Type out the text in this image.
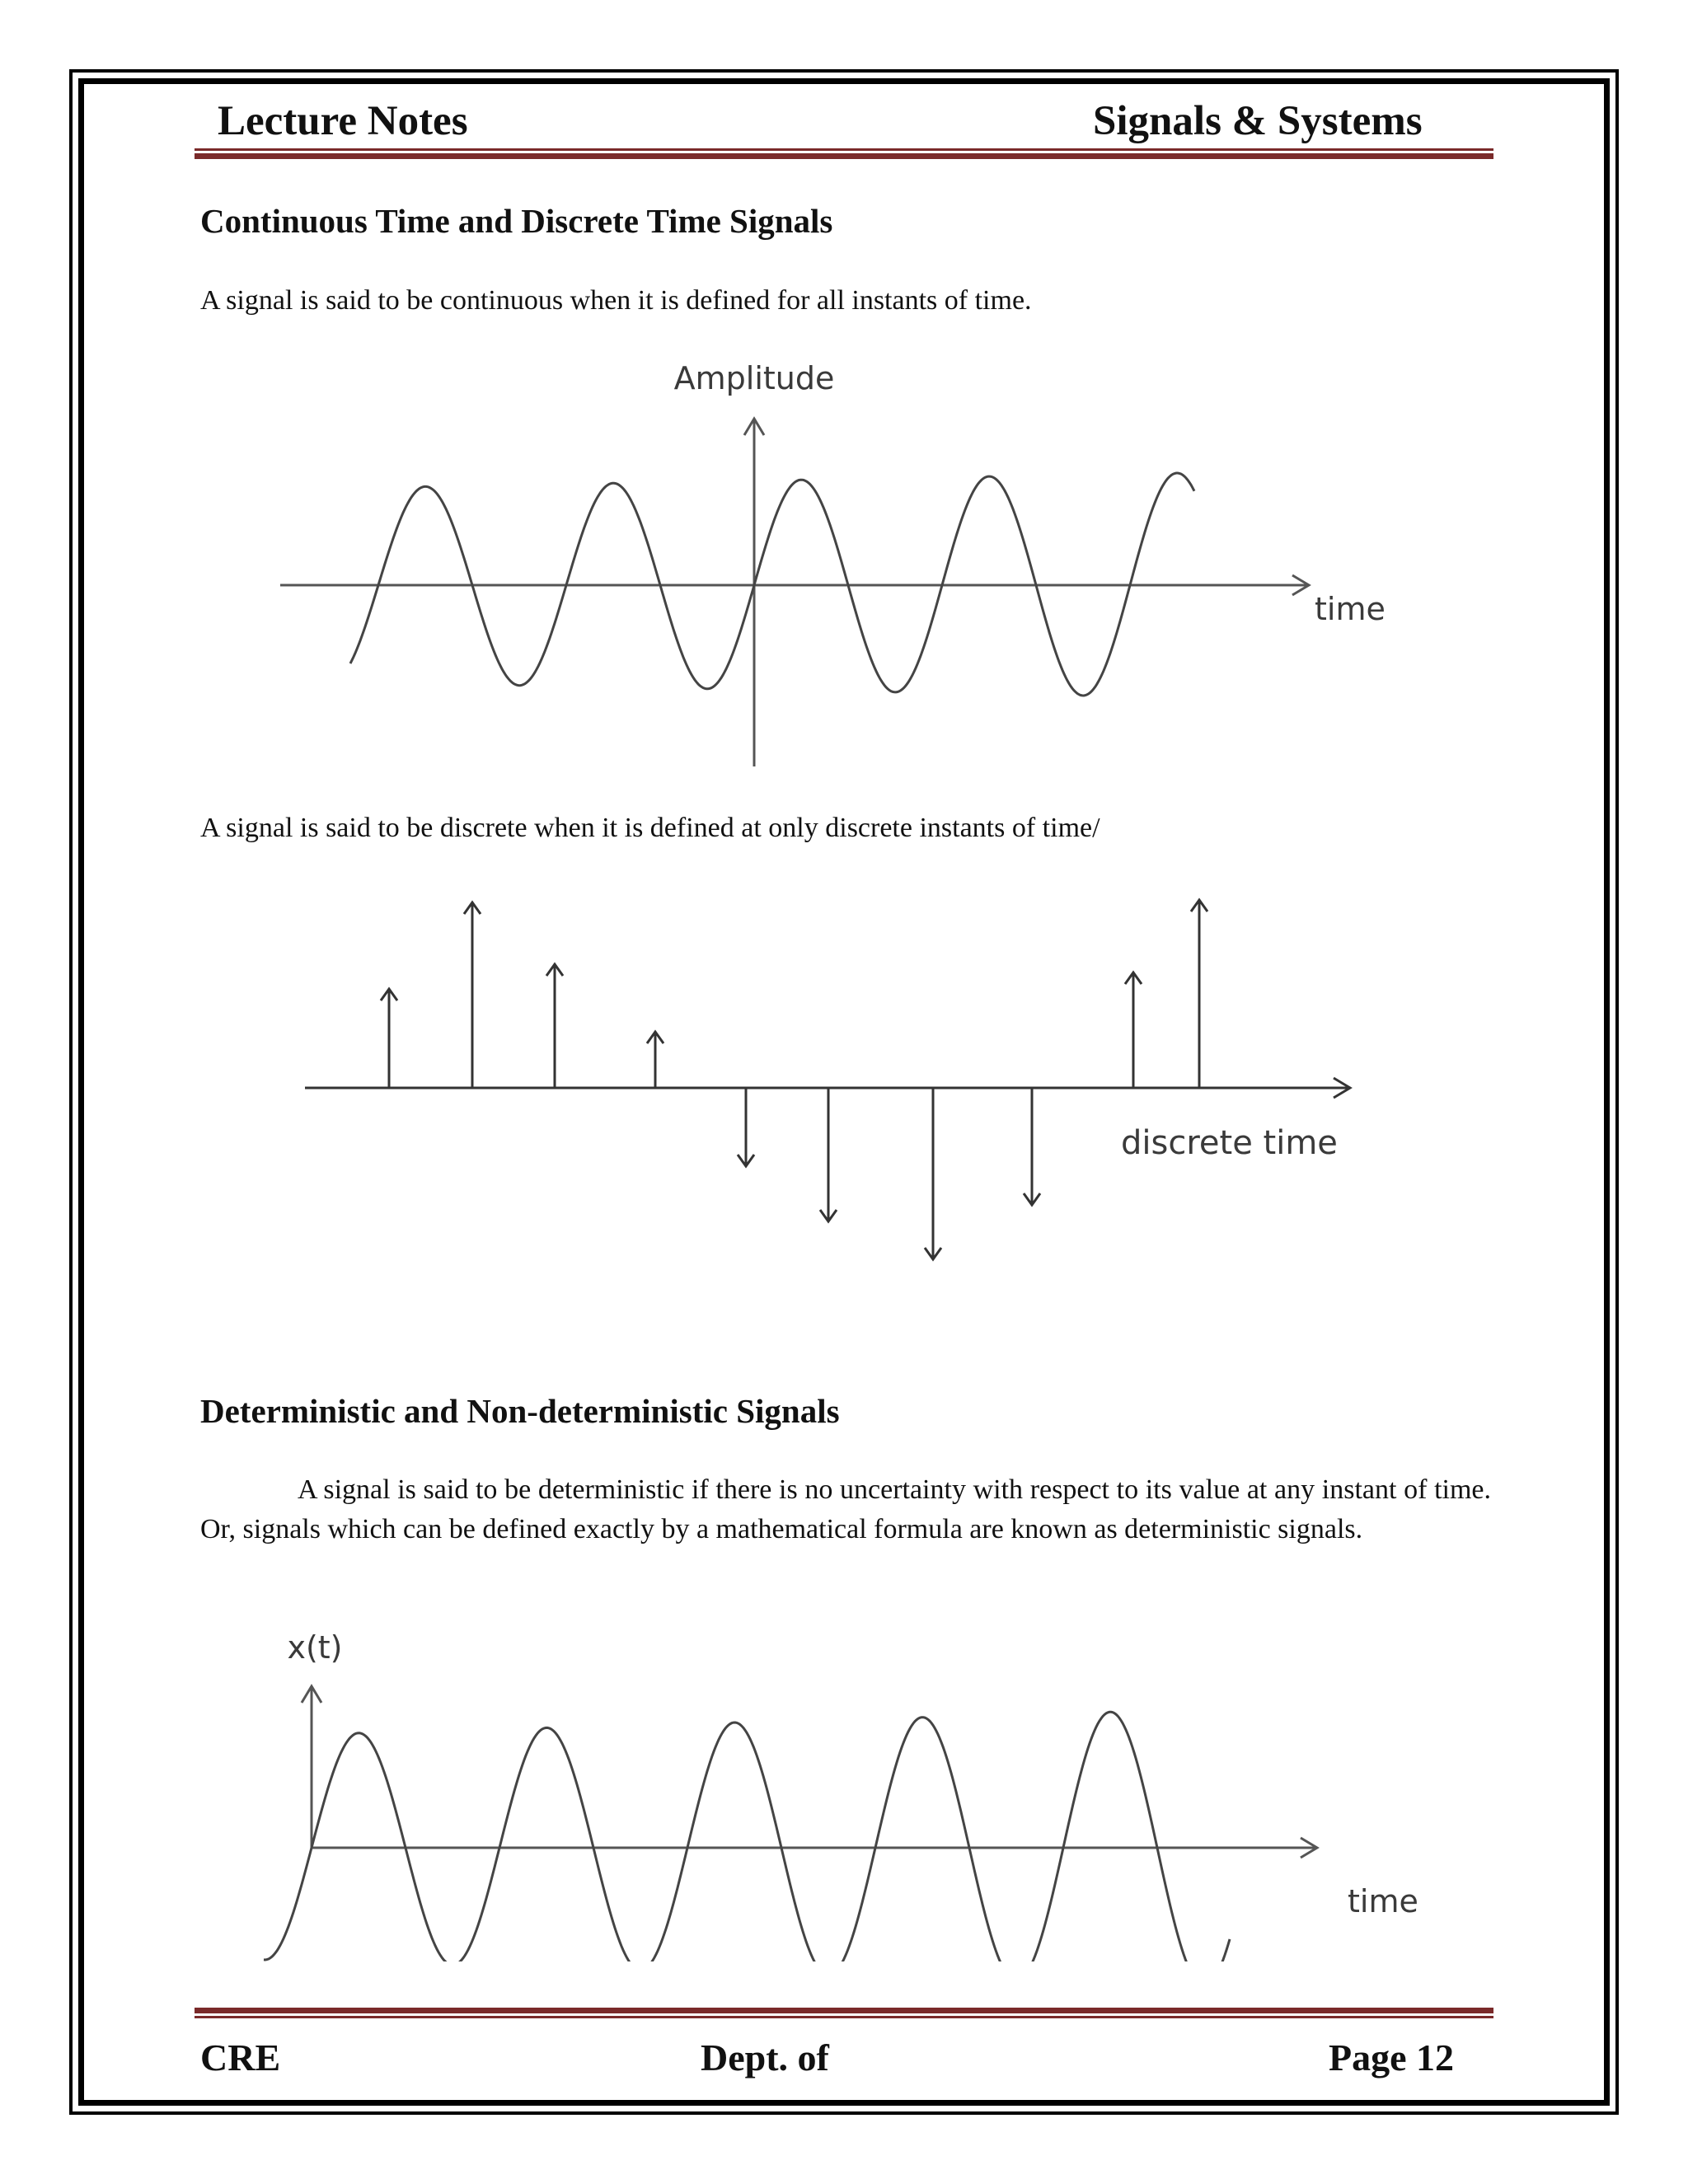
Lecture Notes	Signals & Systems
Continuous Time and Discrete Time Signals
A signal is said to be continuous when it is defined for all instants of time.
Amplitude
time
A signal is said to be discrete when it is defined at only discrete instants of time/
discrete time
Deterministic and Non-deterministic Signals
A signal is said to be deterministic if there is no uncertainty with respect to its value at any instant of time. Or, signals which can be defined exactly by a mathematical formula are known as deterministic signals.
x(t)
time
CRE	Dept. of	Page 12
